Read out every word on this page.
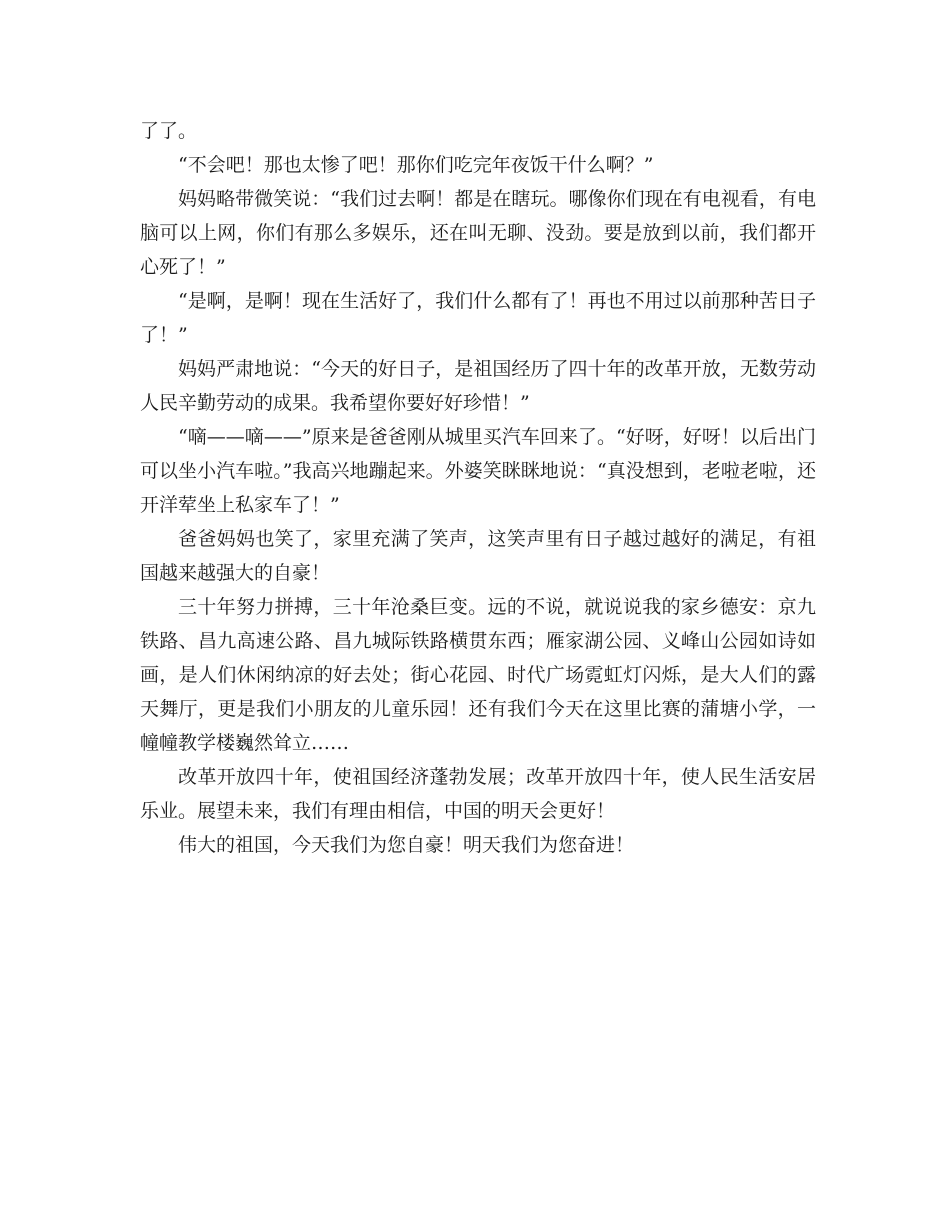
了了。

“不会吧！那也太惨了吧！那你们吃完年夜饭干什么啊？”

妈妈略带微笑说：“我们过去啊！都是在瞎玩。哪像你们现在有电视看，有电脑可以上网，你们有那么多娱乐，还在叫无聊、没劲。要是放到以前，我们都开心死了！”

“是啊，是啊！现在生活好了，我们什么都有了！再也不用过以前那种苦日子了！”

妈妈严肃地说：“今天的好日子，是祖国经历了四十年的改革开放，无数劳动人民辛勤劳动的成果。我希望你要好好珍惜！”

“嘀——嘀——”原来是爸爸刚从城里买汽车回来了。“好呀，好呀！以后出门可以坐小汽车啦。”我高兴地蹦起来。外婆笑眯眯地说：“真没想到，老啦老啦，还开洋荤坐上私家车了！”

爸爸妈妈也笑了，家里充满了笑声，这笑声里有日子越过越好的满足，有祖国越来越强大的自豪！

三十年努力拼搏，三十年沧桑巨变。远的不说，就说说我的家乡德安：京九铁路、昌九高速公路、昌九城际铁路横贯东西；雁家湖公园、义峰山公园如诗如画，是人们休闲纳凉的好去处；街心花园、时代广场霓虹灯闪烁，是大人们的露天舞厅，更是我们小朋友的儿童乐园！还有我们今天在这里比赛的蒲塘小学，一幢幢教学楼巍然耸立……

改革开放四十年，使祖国经济蓬勃发展；改革开放四十年，使人民生活安居乐业。展望未来，我们有理由相信，中国的明天会更好！

伟大的祖国，今天我们为您自豪！明天我们为您奋进！
